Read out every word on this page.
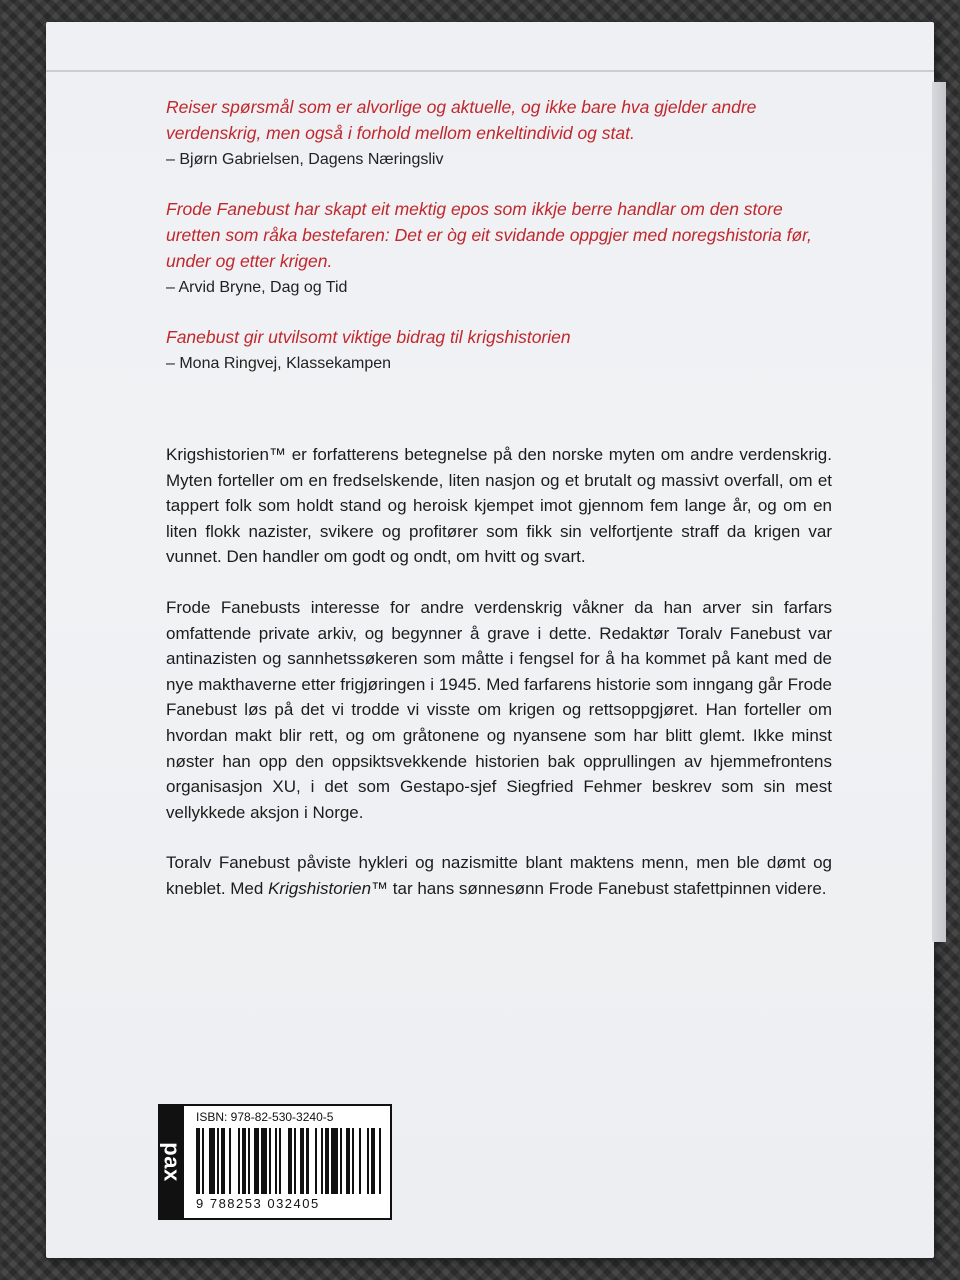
Reiser spørsmål som er alvorlige og aktuelle, og ikke bare hva gjelder andre verdenskrig, men også i forhold mellom enkeltindivid og stat.

– Bjørn Gabrielsen, Dagens Næringsliv

Frode Fanebust har skapt eit mektig epos som ikkje berre handlar om den store uretten som råka bestefaren: Det er òg eit svidande oppgjer med noregshistoria før, under og etter krigen.

– Arvid Bryne, Dag og Tid

Fanebust gir utvilsomt viktige bidrag til krigshistorien

– Mona Ringvej, Klassekampen

Krigshistorien™ er forfatterens betegnelse på den norske myten om andre verdenskrig. Myten forteller om en fredselskende, liten nasjon og et brutalt og massivt overfall, om et tappert folk som holdt stand og heroisk kjempet imot gjennom fem lange år, og om en liten flokk nazister, svikere og profitører som fikk sin velfortjente straff da krigen var vunnet. Den handler om godt og ondt, om hvitt og svart.

Frode Fanebusts interesse for andre verdenskrig våkner da han arver sin farfars omfattende private arkiv, og begynner å grave i dette. Redaktør Toralv Fanebust var antinazisten og sannhetssøkeren som måtte i fengsel for å ha kommet på kant med de nye makthaverne etter frigjøringen i 1945. Med farfarens historie som inngang går Frode Fanebust løs på det vi trodde vi visste om krigen og rettsoppgjøret. Han forteller om hvordan makt blir rett, og om gråtonene og nyansene som har blitt glemt. Ikke minst nøster han opp den oppsiktsvekkende historien bak opprullingen av hjemmefrontens organisasjon XU, i det som Gestapo-sjef Siegfried Fehmer beskrev som sin mest vellykkede aksjon i Norge.

Toralv Fanebust påviste hykleri og nazismitte blant maktens menn, men ble dømt og kneblet. Med Krigshistorien™ tar hans sønnesønn Frode Fanebust stafettpinnen videre.

pax
ISBN: 978-82-530-3240-5
9 788253 032405
